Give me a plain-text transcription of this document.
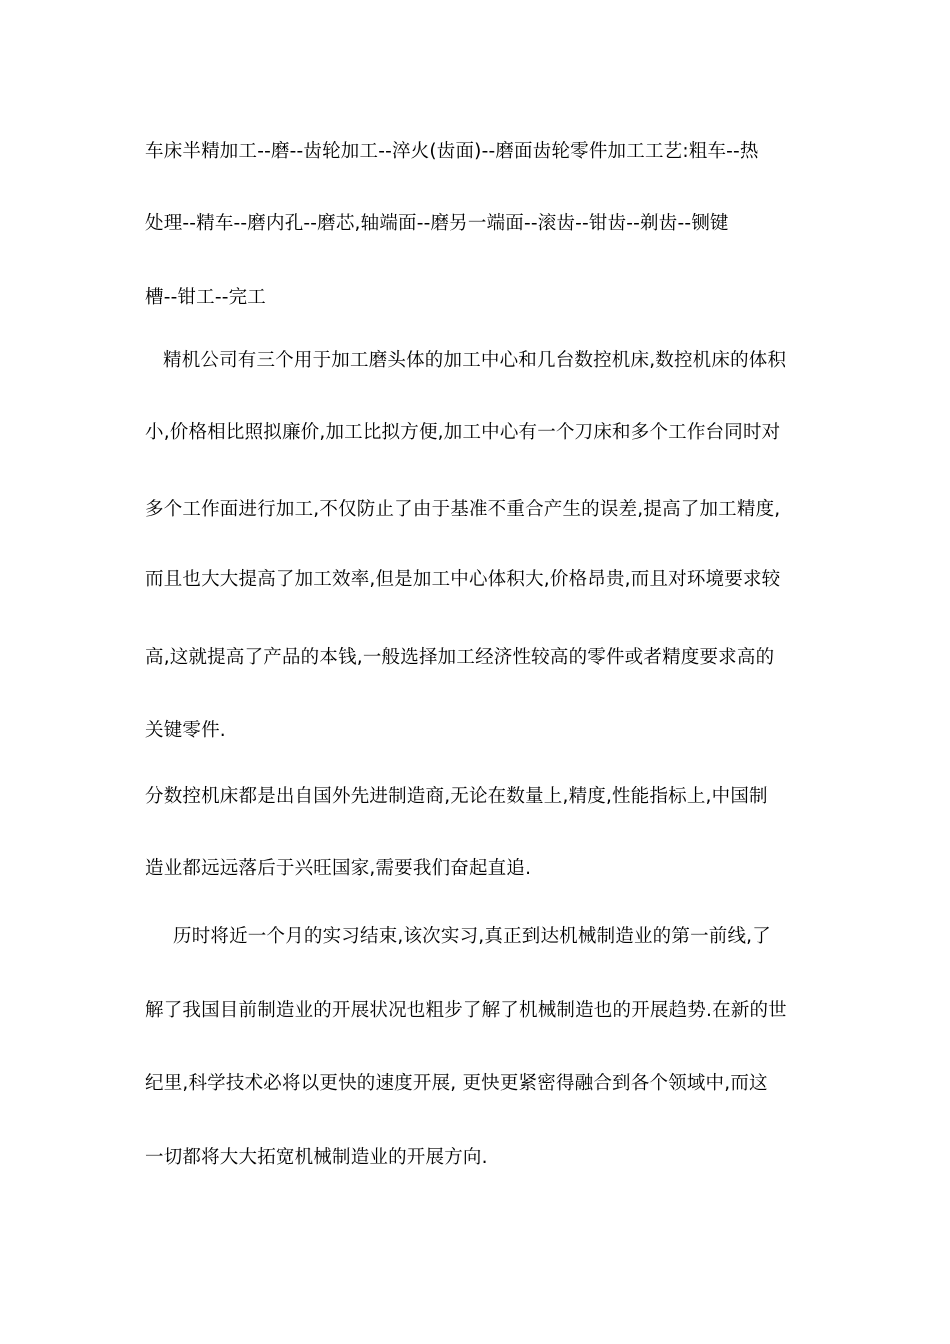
车床半精加工--磨--齿轮加工--淬火(齿面)--磨面齿轮零件加工工艺:粗车--热
处理--精车--磨内孔--磨芯,轴端面--磨另一端面--滚齿--钳齿--剃齿--铡键
槽--钳工--完工
精机公司有三个用于加工磨头体的加工中心和几台数控机床,数控机床的体积
小,价格相比照拟廉价,加工比拟方便,加工中心有一个刀床和多个工作台同时对
多个工作面进行加工,不仅防止了由于基准不重合产生的误差,提高了加工精度,
而且也大大提高了加工效率,但是加工中心体积大,价格昂贵,而且对环境要求较
高,这就提高了产品的本钱,一般选择加工经济性较高的零件或者精度要求高的
关键零件.
分数控机床都是出自国外先进制造商,无论在数量上,精度,性能指标上,中国制
造业都远远落后于兴旺国家,需要我们奋起直追.
历时将近一个月的实习结束,该次实习,真正到达机械制造业的第一前线,了
解了我国目前制造业的开展状况也粗步了解了机械制造也的开展趋势.在新的世
纪里,科学技术必将以更快的速度开展, 更快更紧密得融合到各个领域中,而这
一切都将大大拓宽机械制造业的开展方向.
